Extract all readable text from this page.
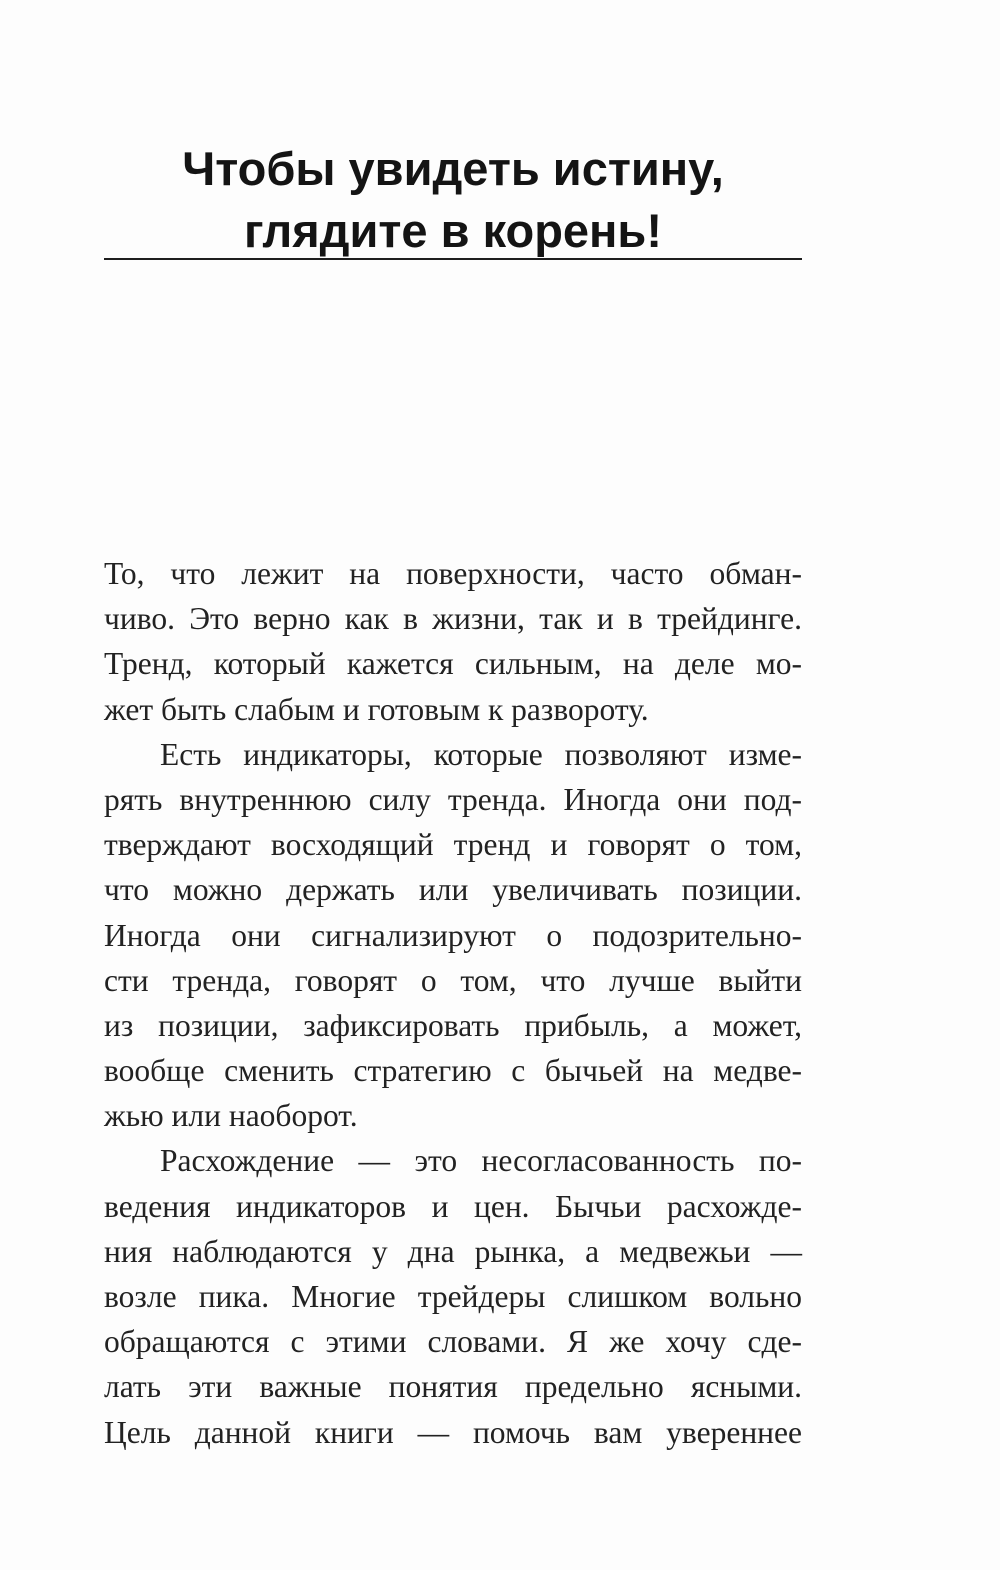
Чтобы увидеть истину,
глядите в корень!
То, что лежит на поверхности, часто обман-
чиво. Это верно как в жизни, так и в трейдинге.
Тренд, который кажется сильным, на деле мо-
жет быть слабым и готовым к развороту.
Есть индикаторы, которые позволяют изме-
рять внутреннюю силу тренда. Иногда они под-
тверждают восходящий тренд и говорят о том,
что можно держать или увеличивать позиции.
Иногда они сигнализируют о подозрительно-
сти тренда, говорят о том, что лучше выйти
из позиции, зафиксировать прибыль, а может,
вообще сменить стратегию с бычьей на медве-
жью или наоборот.
Расхождение — это несогласованность по-
ведения индикаторов и цен. Бычьи расхожде-
ния наблюдаются у дна рынка, а медвежьи —
возле пика. Многие трейдеры слишком вольно
обращаются с этими словами. Я же хочу сде-
лать эти важные понятия предельно ясными.
Цель данной книги — помочь вам увереннее
